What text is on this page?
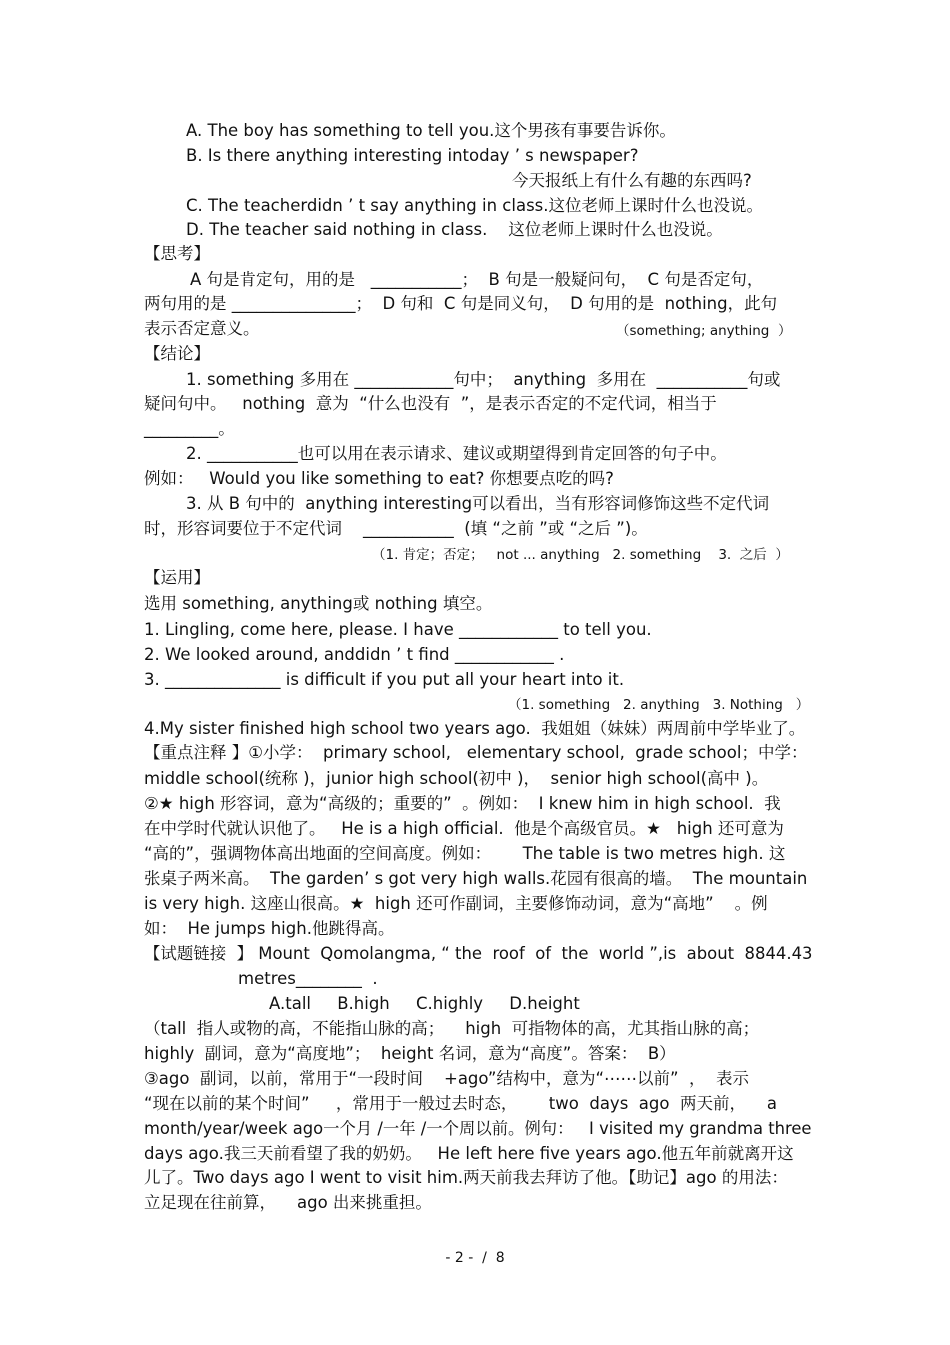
A. The boy has something to tell you.这个男孩有事要告诉你。
B. Is there anything interesting intoday ’ s newspaper?
今天报纸上有什么有趣的东西吗?
C. The teacherdidn ’ t say anything in class.这位老师上课时什么也没说。
D. The teacher said nothing in class.    这位老师上课时什么也没说。
【思考】
A 句是肯定句，用的是   ___________；  B 句是一般疑问句，  C 句是否定句，
两句用的是 _______________；  D 句和  C 句是同义句，  D 句用的是  nothing，此句
表示否定意义。	（something; anything  ）
【结论】
1. something 多用在 ____________句中；  anything  多用在  ___________句或
疑问句中。   nothing  意为  “什么也没有  ”，是表示否定的不定代词，相当于
_________。
2. ___________也可以用在表示请求、建议或期望得到肯定回答的句子中。
例如：   Would you like something to eat? 你想要点吃的吗?
3. 从 B 句中的  anything interesting可以看出，当有形容词修饰这些不定代词
时，形容词要位于不定代词    ___________  (填 “之前 ”或 “之后 ”)。
（1. 肯定；否定；   not ... anything   2. something    3.  之后  ）
【运用】
选用 something, anything或 nothing 填空。
1. Lingling, come here, please. I have ____________ to tell you.
2. We looked around, anddidn ’ t find ____________ .
3. ______________ is difficult if you put all your heart into it.
（1. something   2. anything   3. Nothing   ）
4.My sister finished high school two years ago.  我姐姐（妹妹）两周前中学毕业了。
【重点注释 】①小学：  primary school,   elementary school,  grade school；中学：
middle school(统称 )，junior high school(初中 )，  senior high school(高中 )。
②★ high 形容词，意为“高级的；重要的”  。例如：  I knew him in high school.  我
在中学时代就认识他了。   He is a high official.  他是个高级官员。★   high 还可意为
“高的”，强调物体高出地面的空间高度。例如：      The table is two metres high. 这
张桌子两米高。  The garden’ s got very high walls.花园有很高的墙。  The mountain
is very high. 这座山很高。★  high 还可作副词，主要修饰动词，意为“高地”    。例
如：  He jumps high.他跳得高。
【试题链接  】 Mount  Qomolangma, “ the  roof  of  the  world ”,is  about  8844.43
metres________  .
A.tall     B.high     C.highly     D.height
（tall  指人或物的高，不能指山脉的高；    high  可指物体的高，尤其指山脉的高；
highly  副词，意为“高度地”；  height 名词，意为“高度”。答案：  B）
③ago  副词，以前，常用于“一段时间    +ago”结构中，意为“⋯⋯以前”  ，  表示
“现在以前的某个时间”     ，常用于一般过去时态，      two  days  ago  两天前，    a
month/year/week ago一个月 /一年 /一个周以前。例句：   I visited my grandma three
days ago.我三天前看望了我的奶奶。   He left here five years ago.他五年前就离开这
儿了。Two days ago I went to visit him.两天前我去拜访了他。【助记】ago 的用法：
立足现在往前算，    ago 出来挑重担。
- 2 -  /  8
